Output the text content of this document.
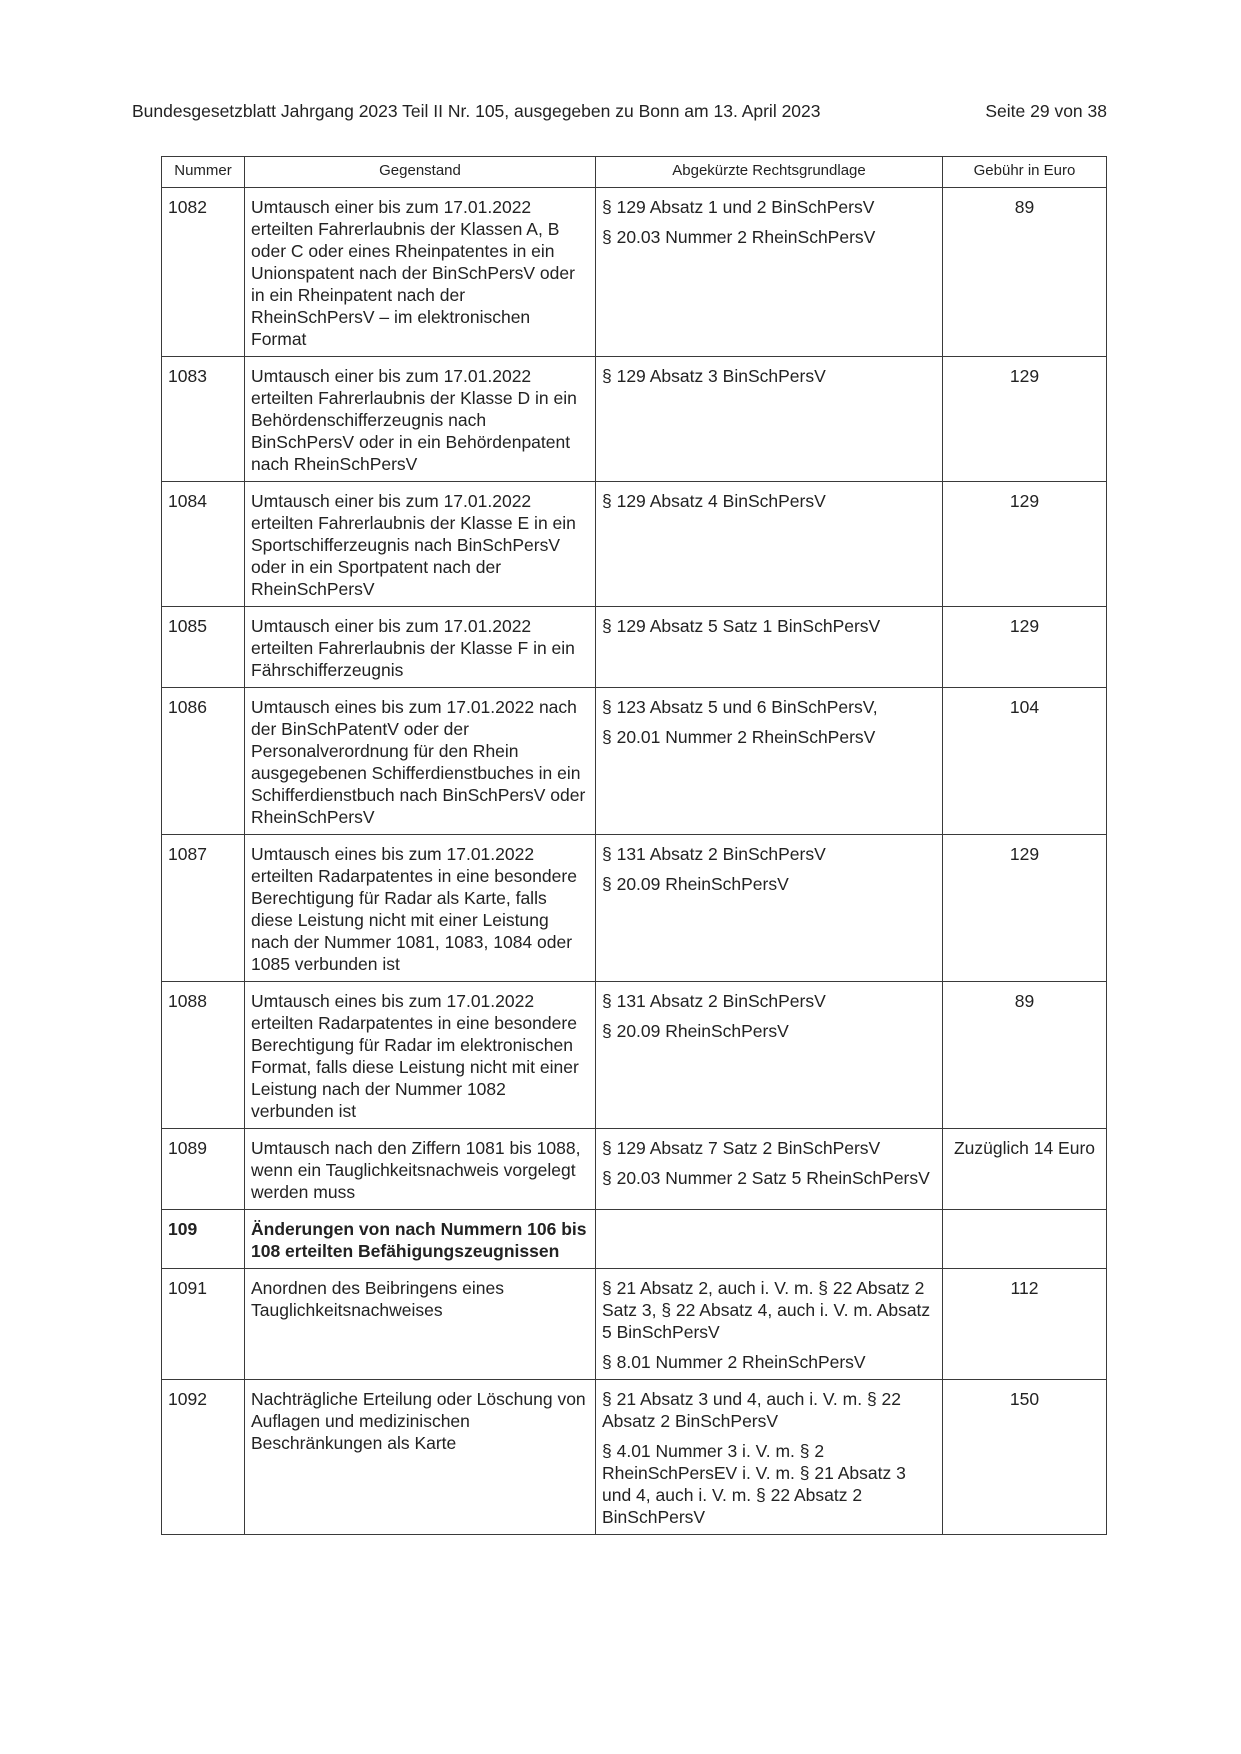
Bundesgesetzblatt Jahrgang 2023 Teil II Nr. 105, ausgegeben zu Bonn am 13. April 2023	Seite 29 von 38
Nummer	Gegenstand	Abgekürzte Rechtsgrundlage	Gebühr in Euro
1082	Umtausch einer bis zum 17.01.2022 erteilten Fahrerlaubnis der Klassen A, B oder C oder eines Rheinpatentes in ein Unionspatent nach der BinSchPersV oder in ein Rheinpatent nach der RheinSchPersV – im elektronischen Format	§ 129 Absatz 1 und 2 BinSchPersV
§ 20.03 Nummer 2 RheinSchPersV	89
1083	Umtausch einer bis zum 17.01.2022 erteilten Fahrerlaubnis der Klasse D in ein Behördenschifferzeugnis nach BinSchPersV oder in ein Behördenpatent nach RheinSchPersV	§ 129 Absatz 3 BinSchPersV	129
1084	Umtausch einer bis zum 17.01.2022 erteilten Fahrerlaubnis der Klasse E in ein Sportschifferzeugnis nach BinSchPersV oder in ein Sportpatent nach der RheinSchPersV	§ 129 Absatz 4 BinSchPersV	129
1085	Umtausch einer bis zum 17.01.2022 erteilten Fahrerlaubnis der Klasse F in ein Fährschifferzeugnis	§ 129 Absatz 5 Satz 1 BinSchPersV	129
1086	Umtausch eines bis zum 17.01.2022 nach der BinSchPatentV oder der Personalverordnung für den Rhein ausgegebenen Schifferdienstbuches in ein Schifferdienstbuch nach BinSchPersV oder RheinSchPersV	§ 123 Absatz 5 und 6 BinSchPersV,
§ 20.01 Nummer 2 RheinSchPersV	104
1087	Umtausch eines bis zum 17.01.2022 erteilten Radarpatentes in eine besondere Berechtigung für Radar als Karte, falls diese Leistung nicht mit einer Leistung nach der Nummer 1081, 1083, 1084 oder 1085 verbunden ist	§ 131 Absatz 2 BinSchPersV
§ 20.09 RheinSchPersV	129
1088	Umtausch eines bis zum 17.01.2022 erteilten Radarpatentes in eine besondere Berechtigung für Radar im elektronischen Format, falls diese Leistung nicht mit einer Leistung nach der Nummer 1082 verbunden ist	§ 131 Absatz 2 BinSchPersV
§ 20.09 RheinSchPersV	89
1089	Umtausch nach den Ziffern 1081 bis 1088, wenn ein Tauglichkeitsnachweis vorgelegt werden muss	§ 129 Absatz 7 Satz 2 BinSchPersV
§ 20.03 Nummer 2 Satz 5 RheinSchPersV	Zuzüglich 14 Euro
109	Änderungen von nach Nummern 106 bis 108 erteilten Befähigungszeugnissen		
1091	Anordnen des Beibringens eines Tauglichkeitsnachweises	§ 21 Absatz 2, auch i. V. m. § 22 Absatz 2 Satz 3, § 22 Absatz 4, auch i. V. m. Absatz 5 BinSchPersV
§ 8.01 Nummer 2 RheinSchPersV	112
1092	Nachträgliche Erteilung oder Löschung von Auflagen und medizinischen Beschränkungen als Karte	§ 21 Absatz 3 und 4, auch i. V. m. § 22 Absatz 2 BinSchPersV
§ 4.01 Nummer 3 i. V. m. § 2 RheinSchPersEV i. V. m. § 21 Absatz 3 und 4, auch i. V. m. § 22 Absatz 2 BinSchPersV	150
